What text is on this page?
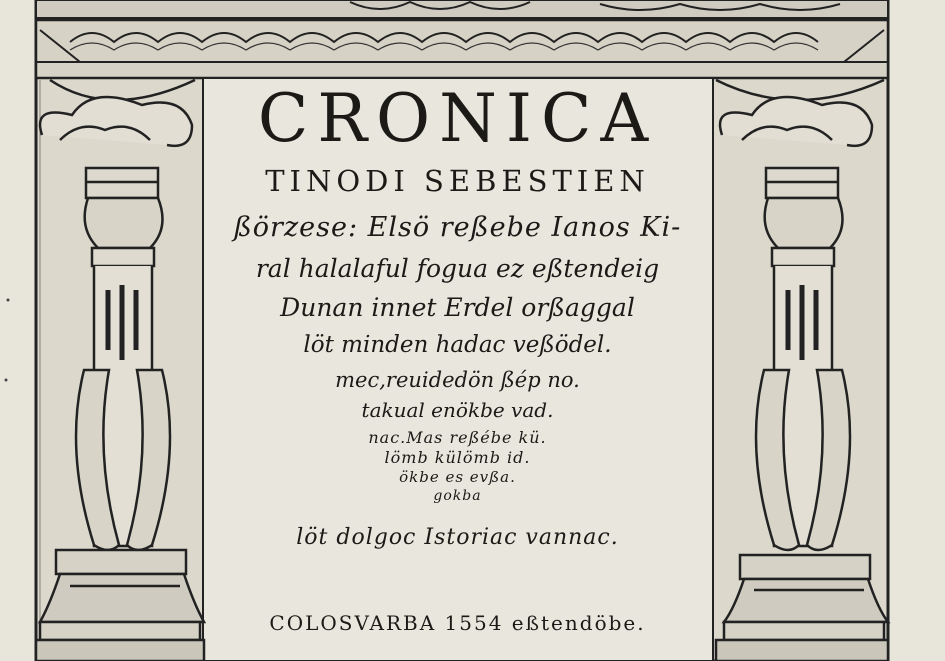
CRONICA
TINODI SEBESTIEN
ßörzese: Elsö reßebe Ianos Ki-
ral halalaful fogua ez eßtendeig
Dunan innet Erdel orßaggal
löt minden hadac veßödel.
mec,reuidedön ßép no.
takual enökbe vad.
nac.Mas reßébe kü.
lömb külömb id.
ökbe es evßa.
gokba
löt dolgoc Istoriac vannac.
COLOSVARBA 1554 eßtendöbe.
